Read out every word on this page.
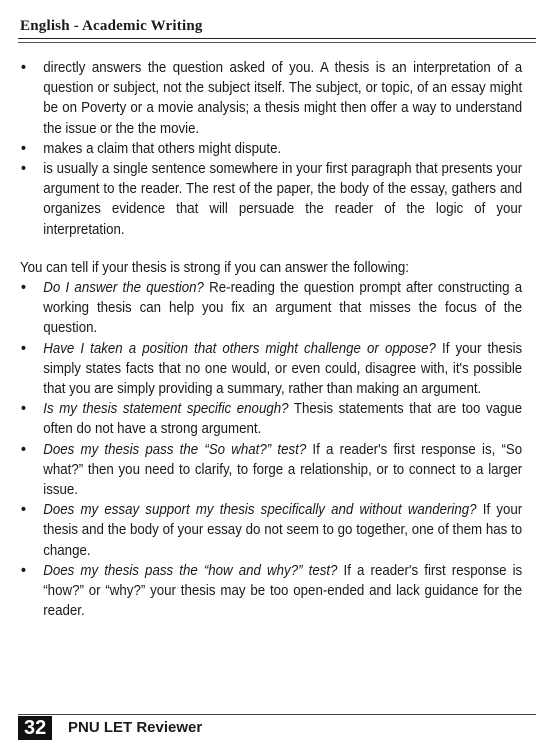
English - Academic Writing
• directly answers the question asked of you. A thesis is an interpretation of a question or subject, not the subject itself. The subject, or topic, of an essay might be on Poverty or a movie analysis; a thesis might then offer a way to understand the issue or the the movie.
• makes a claim that others might dispute.
• is usually a single sentence somewhere in your first paragraph that presents your argument to the reader. The rest of the paper, the body of the essay, gathers and organizes evidence that will persuade the reader of the logic of your interpretation.

You can tell if your thesis is strong if you can answer the following:

• Do I answer the question? Re-reading the question prompt after constructing a working thesis can help you fix an argument that misses the focus of the question.
• Have I taken a position that others might challenge or oppose? If your thesis simply states facts that no one would, or even could, disagree with, it's possible that you are simply providing a summary, rather than making an argument.
• Is my thesis statement specific enough? Thesis statements that are too vague often do not have a strong argument.
• Does my thesis pass the “So what?” test? If a reader's first response is, “So what?” then you need to clarify, to forge a relationship, or to connect to a larger issue.
• Does my essay support my thesis specifically and without wandering? If your thesis and the body of your essay do not seem to go together, one of them has to change.
• Does my thesis pass the “how and why?” test? If a reader's first response is “how?” or “why?” your thesis may be too open-ended and lack guidance for the reader.
32	PNU LET Reviewer
